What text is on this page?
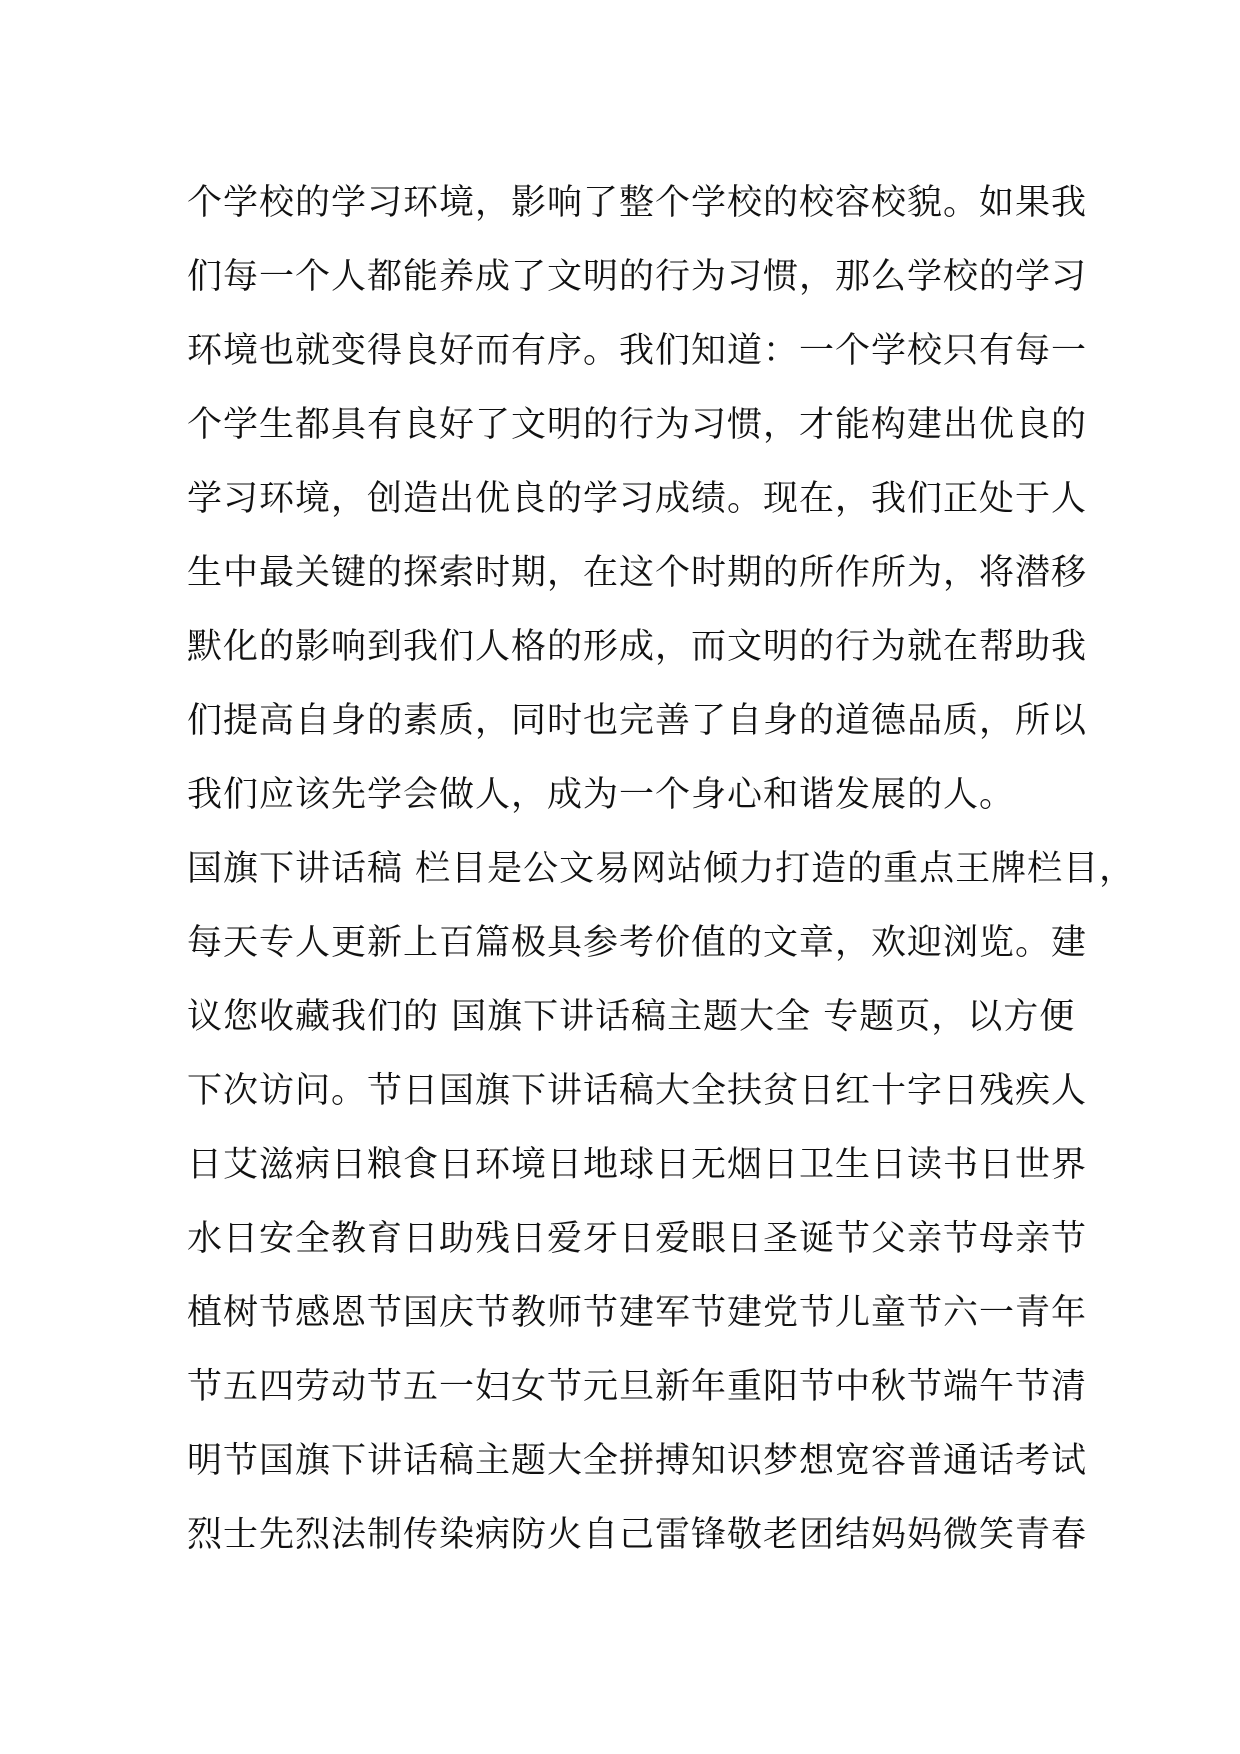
个学校的学习环境，影响了整个学校的校容校貌。如果我
们每一个人都能养成了文明的行为习惯，那么学校的学习
环境也就变得良好而有序。我们知道：一个学校只有每一
个学生都具有良好了文明的行为习惯，才能构建出优良的
学习环境，创造出优良的学习成绩。现在，我们正处于人
生中最关键的探索时期，在这个时期的所作所为，将潜移
默化的影响到我们人格的形成，而文明的行为就在帮助我
们提高自身的素质，同时也完善了自身的道德品质，所以
我们应该先学会做人，成为一个身心和谐发展的人。
国旗下讲话稿 栏目是公文易网站倾力打造的重点王牌栏目，
每天专人更新上百篇极具参考价值的文章，欢迎浏览。建
议您收藏我们的 国旗下讲话稿主题大全 专题页，以方便
下次访问。节日国旗下讲话稿大全扶贫日红十字日残疾人
日艾滋病日粮食日环境日地球日无烟日卫生日读书日世界
水日安全教育日助残日爱牙日爱眼日圣诞节父亲节母亲节
植树节感恩节国庆节教师节建军节建党节儿童节六一青年
节五四劳动节五一妇女节元旦新年重阳节中秋节端午节清
明节国旗下讲话稿主题大全拼搏知识梦想宽容普通话考试
烈士先烈法制传染病防火自己雷锋敬老团结妈妈微笑青春
